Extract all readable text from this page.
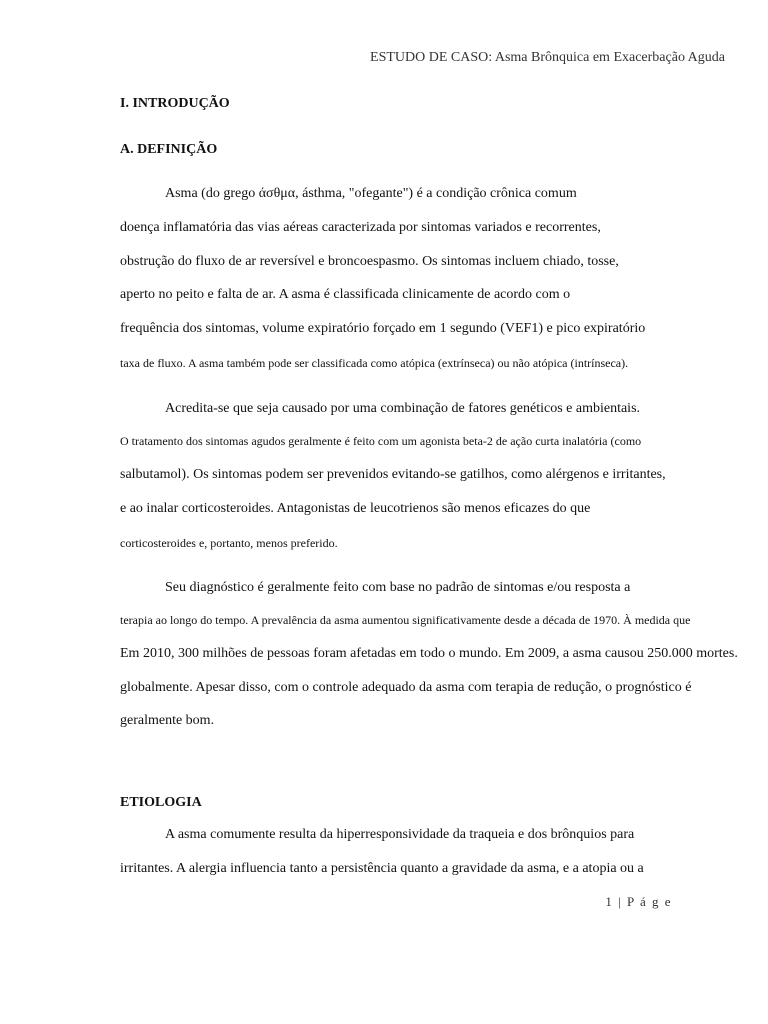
ESTUDO DE CASO: Asma Brônquica em Exacerbação Aguda
I. INTRODUÇÃO
A. DEFINIÇÃO
Asma (do grego άσθμα, ásthma, "ofegante") é a condição crônica comum
doença inflamatória das vias aéreas caracterizada por sintomas variados e recorrentes,
obstrução do fluxo de ar reversível e broncoespasmo. Os sintomas incluem chiado, tosse,
aperto no peito e falta de ar. A asma é classificada clinicamente de acordo com o
frequência dos sintomas, volume expiratório forçado em 1 segundo (VEF1) e pico expiratório
taxa de fluxo. A asma também pode ser classificada como atópica (extrínseca) ou não atópica (intrínseca).
Acredita-se que seja causado por uma combinação de fatores genéticos e ambientais.
O tratamento dos sintomas agudos geralmente é feito com um agonista beta-2 de ação curta inalatória (como
salbutamol). Os sintomas podem ser prevenidos evitando-se gatilhos, como alérgenos e irritantes,
e ao inalar corticosteroides. Antagonistas de leucotrienos são menos eficazes do que
corticosteroides e, portanto, menos preferido.
Seu diagnóstico é geralmente feito com base no padrão de sintomas e/ou resposta a
terapia ao longo do tempo. A prevalência da asma aumentou significativamente desde a década de 1970. À medida que
Em 2010, 300 milhões de pessoas foram afetadas em todo o mundo. Em 2009, a asma causou 250.000 mortes.
globalmente. Apesar disso, com o controle adequado da asma com terapia de redução, o prognóstico é
geralmente bom.
ETIOLOGIA
A asma comumente resulta da hiperresponsividade da traqueia e dos brônquios para
irritantes. A alergia influencia tanto a persistência quanto a gravidade da asma, e a atopia ou a
1 | P á g e
